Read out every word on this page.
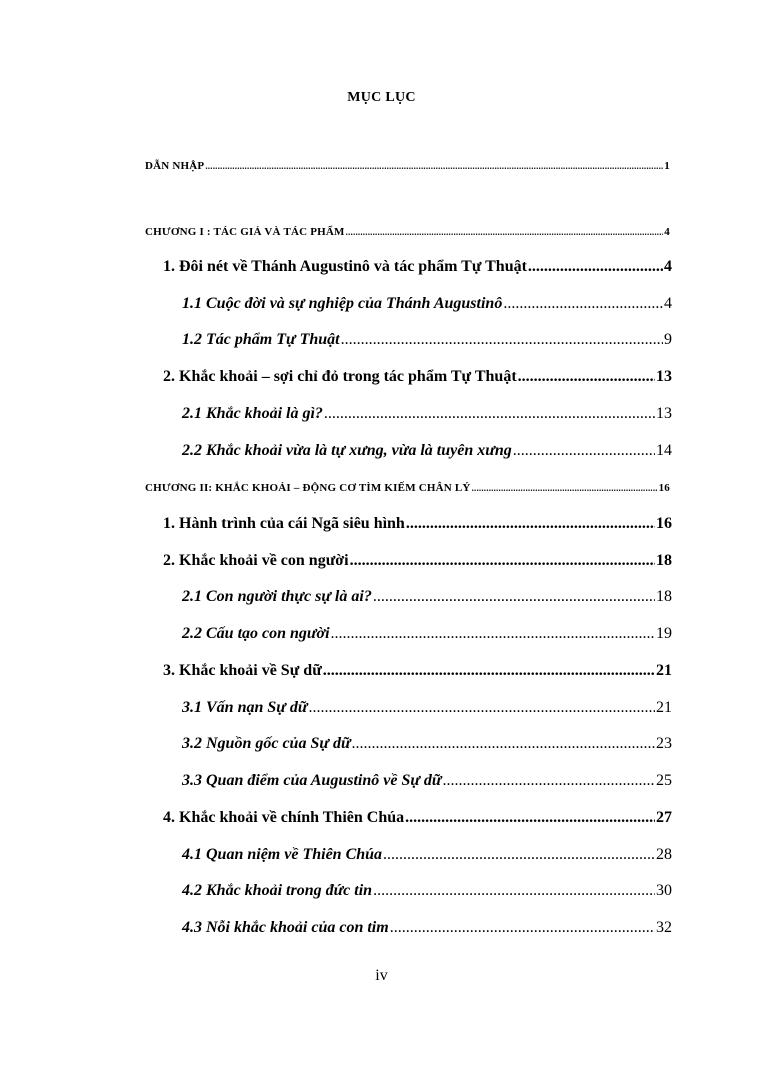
MỤC LỤC
DẪN NHẬP .....	1
CHƯƠNG I : TÁC GIẢ VÀ TÁC PHẨM .....	4
1. Đôi nét về Thánh Augustinô và tác phẩm Tự Thuật .....	4
1.1 Cuộc đời và sự nghiệp của Thánh Augustinô .....	4
1.2 Tác phẩm Tự Thuật .....	9
2. Khắc khoải – sợi chỉ đỏ trong tác phẩm Tự Thuật .....	13
2.1 Khắc khoải là gì? .....	13
2.2 Khắc khoải vừa là tự xưng, vừa là tuyên xưng .....	14
CHƯƠNG II: KHẮC KHOẢI – ĐỘNG CƠ TÌM KIẾM CHÂN LÝ .....	16
1. Hành trình của cái Ngã siêu hình .....	16
2. Khắc khoải về con người .....	18
2.1 Con người thực sự là ai? .....	18
2.2 Cấu tạo con người .....	19
3. Khắc khoải về Sự dữ .....	21
3.1 Vấn nạn Sự dữ .....	21
3.2 Nguồn gốc của Sự dữ .....	23
3.3 Quan điểm của Augustinô về Sự dữ .....	25
4. Khắc khoải về chính Thiên Chúa .....	27
4.1 Quan niệm về Thiên Chúa .....	28
4.2 Khắc khoải trong đức tin .....	30
4.3 Nỗi khắc khoải của con tim .....	32
iv
